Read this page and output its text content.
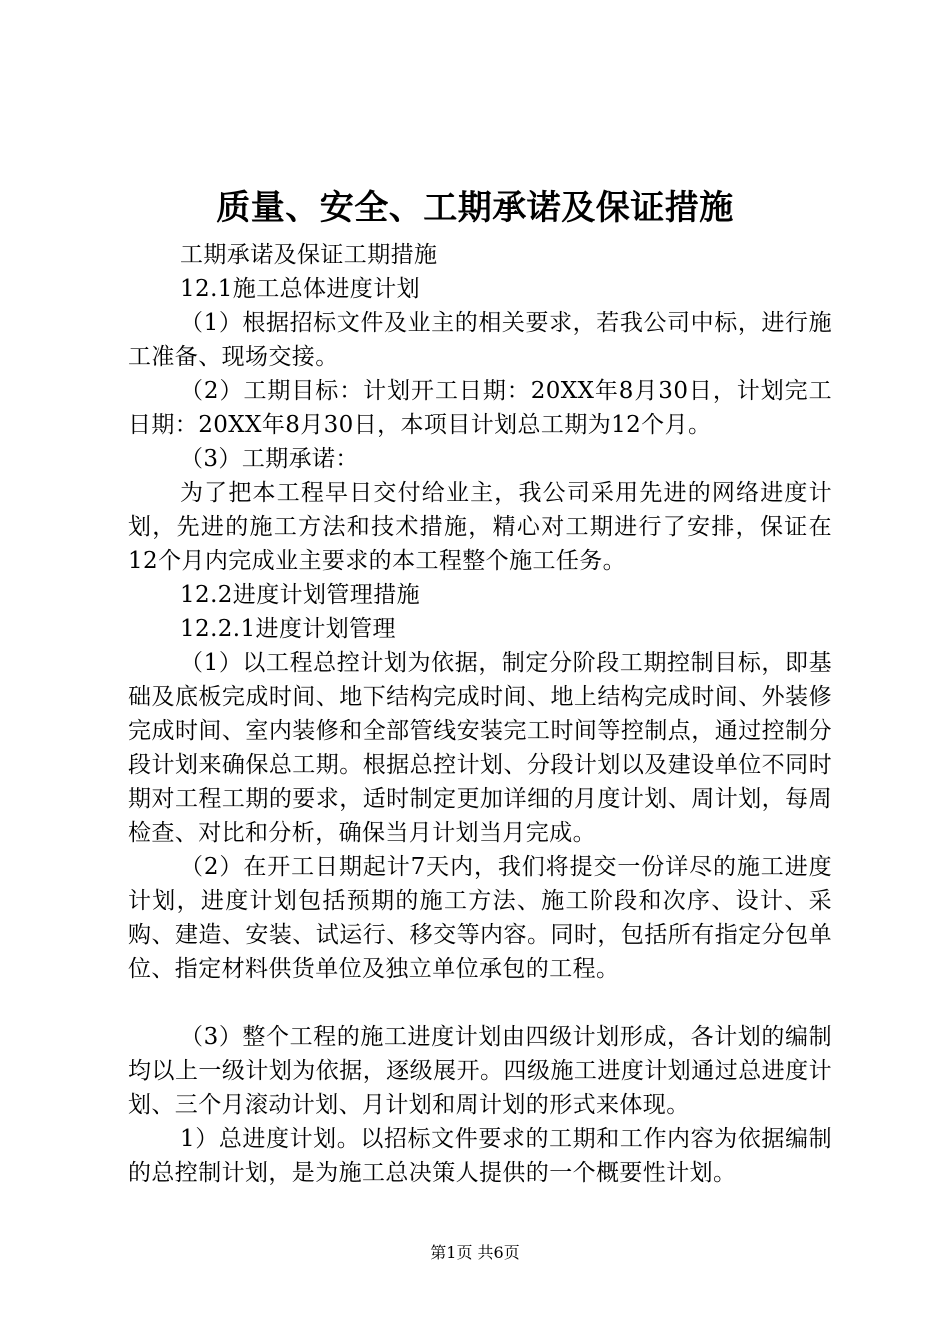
质量、安全、工期承诺及保证措施

工期承诺及保证工期措施

12.1施工总体进度计划

（1）根据招标文件及业主的相关要求，若我公司中标，进行施工准备、现场交接。

（2）工期目标：计划开工日期：20XX年8月30日，计划完工日期：20XX年8月30日，本项目计划总工期为12个月。

（3）工期承诺：

为了把本工程早日交付给业主，我公司采用先进的网络进度计划，先进的施工方法和技术措施，精心对工期进行了安排，保证在12个月内完成业主要求的本工程整个施工任务。

12.2进度计划管理措施

12.2.1进度计划管理

（1）以工程总控计划为依据，制定分阶段工期控制目标，即基础及底板完成时间、地下结构完成时间、地上结构完成时间、外装修完成时间、室内装修和全部管线安装完工时间等控制点，通过控制分段计划来确保总工期。根据总控计划、分段计划以及建设单位不同时期对工程工期的要求，适时制定更加详细的月度计划、周计划，每周检查、对比和分析，确保当月计划当月完成。

（2）在开工日期起计7天内，我们将提交一份详尽的施工进度计划，进度计划包括预期的施工方法、施工阶段和次序、设计、采购、建造、安装、试运行、移交等内容。同时，包括所有指定分包单位、指定材料供货单位及独立单位承包的工程。

（3）整个工程的施工进度计划由四级计划形成，各计划的编制均以上一级计划为依据，逐级展开。四级施工进度计划通过总进度计划、三个月滚动计划、月计划和周计划的形式来体现。

1）总进度计划。以招标文件要求的工期和工作内容为依据编制的总控制计划，是为施工总决策人提供的一个概要性计划。

第1页 共6页
